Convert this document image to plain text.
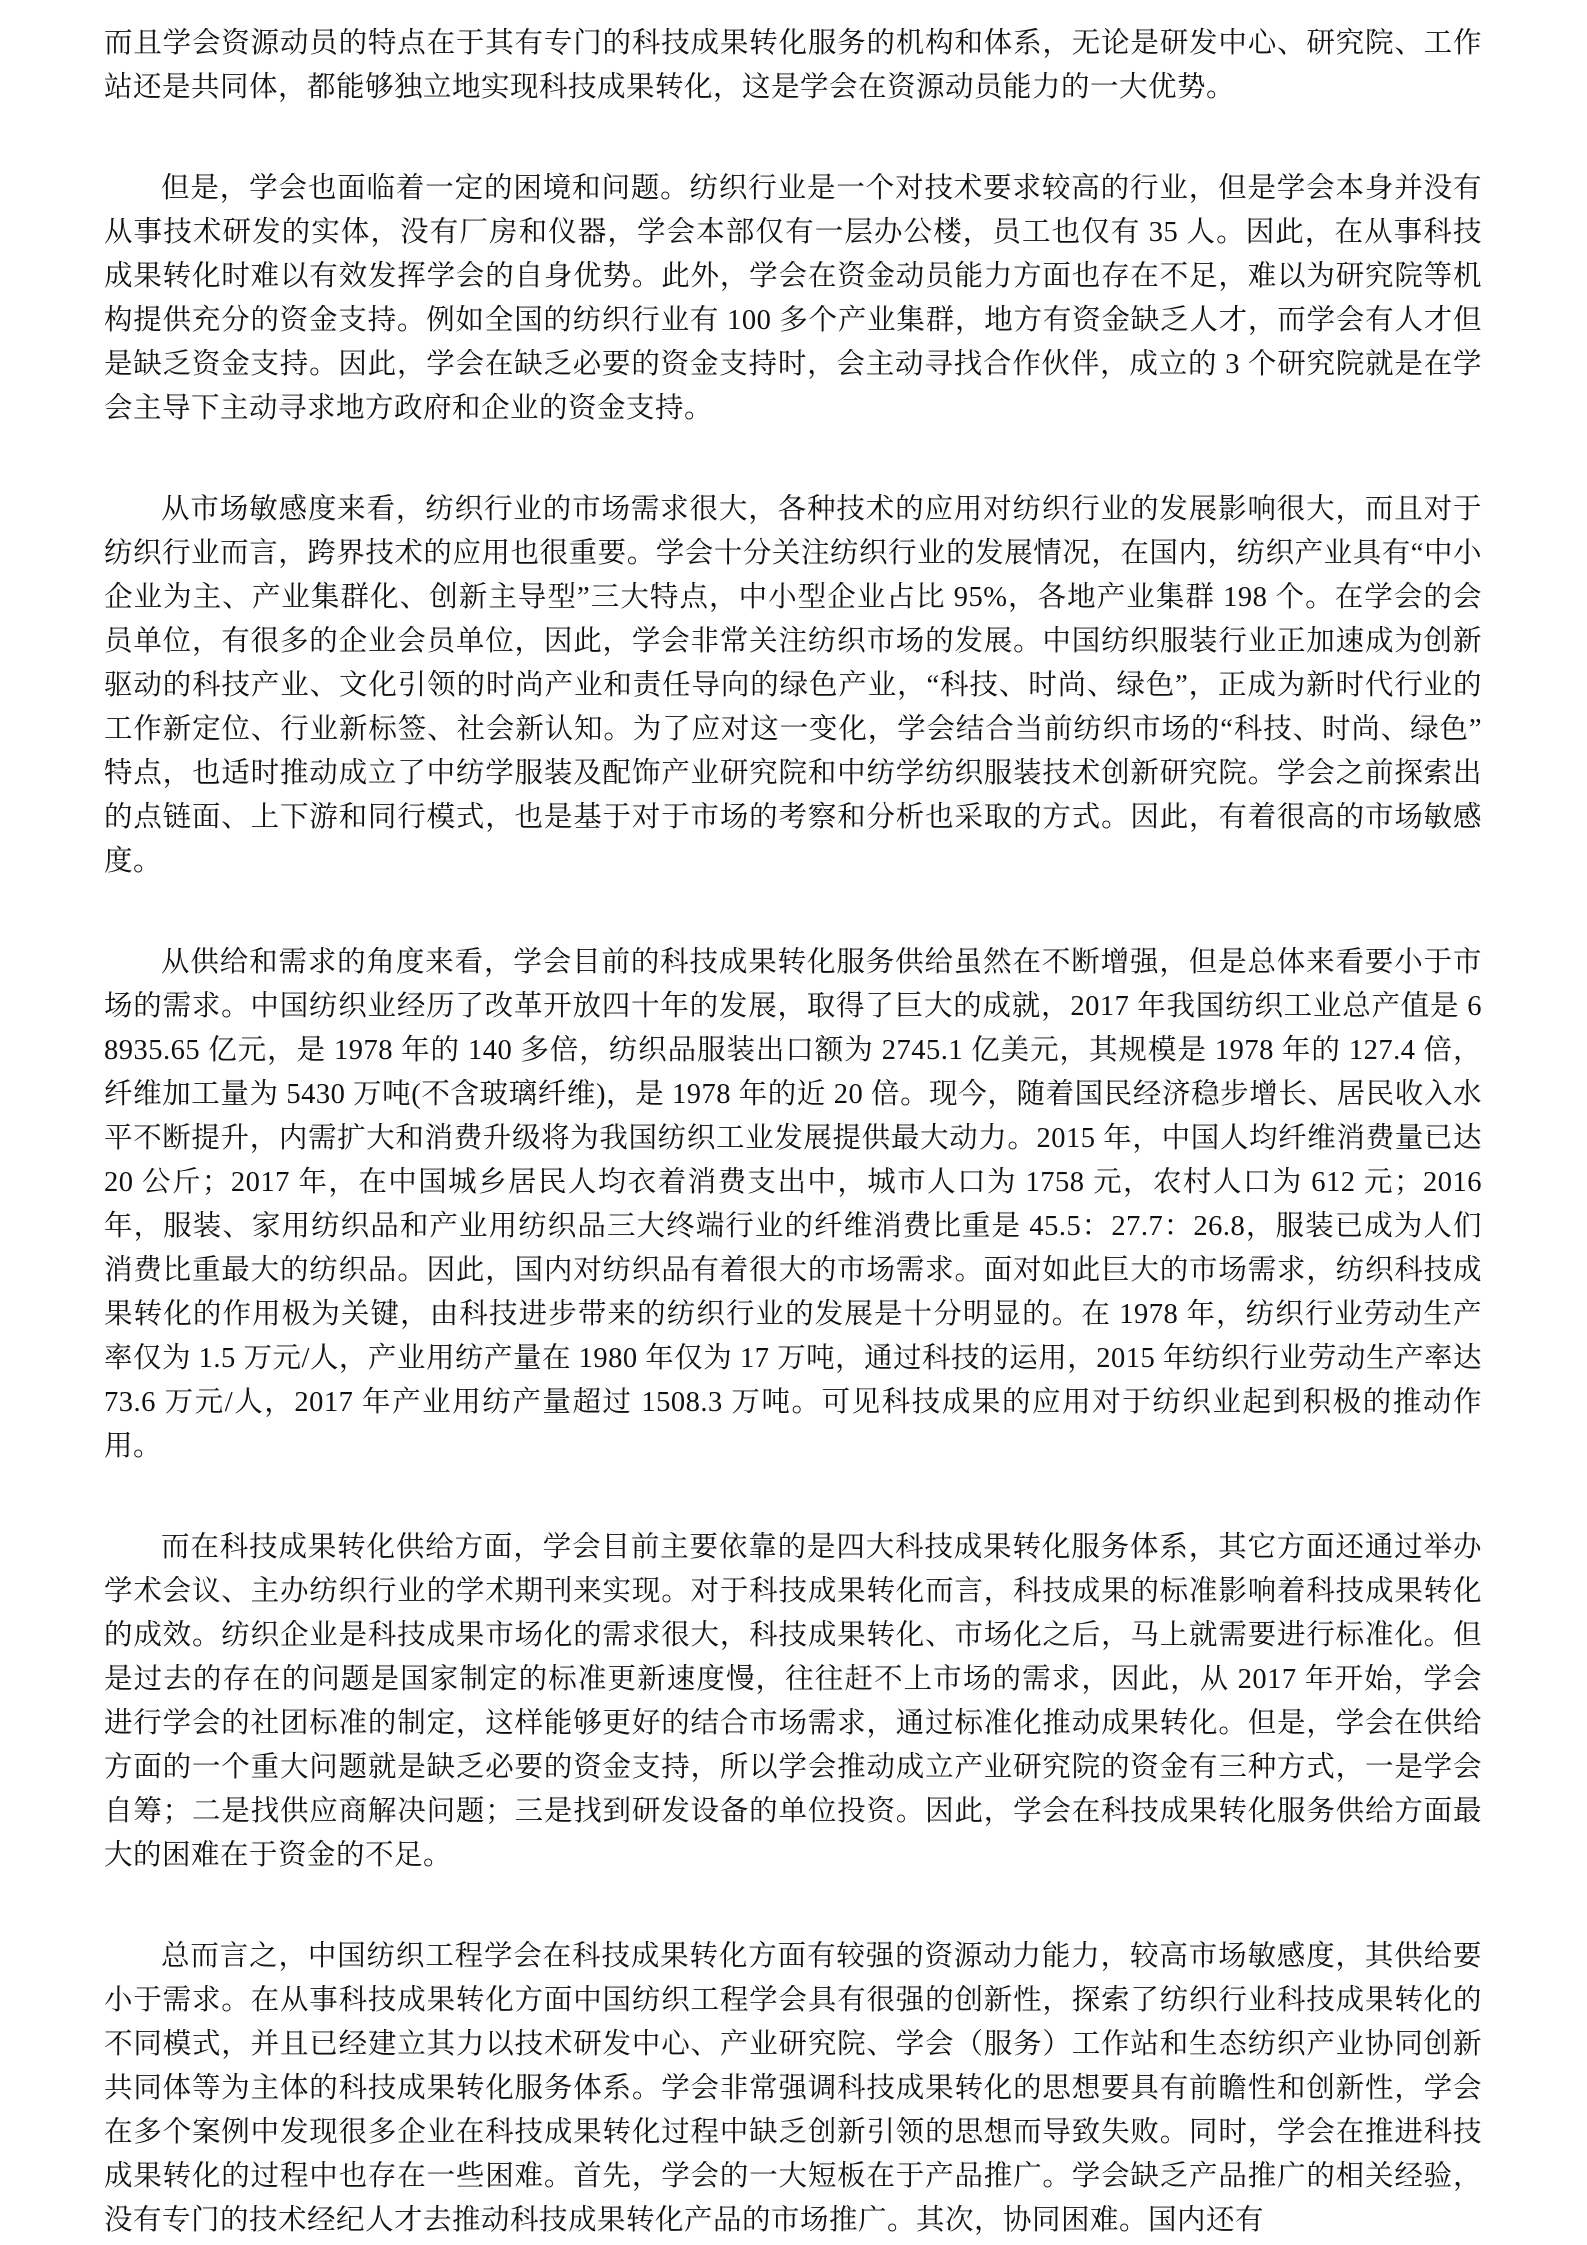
而且学会资源动员的特点在于其有专门的科技成果转化服务的机构和体系，无论是研发中心、研究院、工作站还是共同体，都能够独立地实现科技成果转化，这是学会在资源动员能力的一大优势。

但是，学会也面临着一定的困境和问题。纺织行业是一个对技术要求较高的行业，但是学会本身并没有从事技术研发的实体，没有厂房和仪器，学会本部仅有一层办公楼，员工也仅有 35 人。因此，在从事科技成果转化时难以有效发挥学会的自身优势。此外，学会在资金动员能力方面也存在不足，难以为研究院等机构提供充分的资金支持。例如全国的纺织行业有 100 多个产业集群，地方有资金缺乏人才，而学会有人才但是缺乏资金支持。因此，学会在缺乏必要的资金支持时，会主动寻找合作伙伴，成立的 3 个研究院就是在学会主导下主动寻求地方政府和企业的资金支持。

从市场敏感度来看，纺织行业的市场需求很大，各种技术的应用对纺织行业的发展影响很大，而且对于纺织行业而言，跨界技术的应用也很重要。学会十分关注纺织行业的发展情况，在国内，纺织产业具有“中小企业为主、产业集群化、创新主导型”三大特点，中小型企业占比 95%，各地产业集群 198 个。在学会的会员单位，有很多的企业会员单位，因此，学会非常关注纺织市场的发展。中国纺织服装行业正加速成为创新驱动的科技产业、文化引领的时尚产业和责任导向的绿色产业，“科技、时尚、绿色”，正成为新时代行业的工作新定位、行业新标签、社会新认知。为了应对这一变化，学会结合当前纺织市场的“科技、时尚、绿色”特点，也适时推动成立了中纺学服装及配饰产业研究院和中纺学纺织服装技术创新研究院。学会之前探索出的点链面、上下游和同行模式，也是基于对于市场的考察和分析也采取的方式。因此，有着很高的市场敏感度。

从供给和需求的角度来看，学会目前的科技成果转化服务供给虽然在不断增强，但是总体来看要小于市场的需求。中国纺织业经历了改革开放四十年的发展，取得了巨大的成就，2017 年我国纺织工业总产值是 68935.65 亿元，是 1978 年的 140 多倍，纺织品服装出口额为 2745.1 亿美元，其规模是 1978 年的 127.4 倍，纤维加工量为 5430 万吨(不含玻璃纤维)，是 1978 年的近 20 倍。现今，随着国民经济稳步增长、居民收入水平不断提升，内需扩大和消费升级将为我国纺织工业发展提供最大动力。2015 年，中国人均纤维消费量已达 20 公斤；2017 年，在中国城乡居民人均衣着消费支出中，城市人口为 1758 元，农村人口为 612 元；2016 年，服装、家用纺织品和产业用纺织品三大终端行业的纤维消费比重是 45.5：27.7：26.8，服装已成为人们消费比重最大的纺织品。因此，国内对纺织品有着很大的市场需求。面对如此巨大的市场需求，纺织科技成果转化的作用极为关键，由科技进步带来的纺织行业的发展是十分明显的。在 1978 年，纺织行业劳动生产率仅为 1.5 万元/人，产业用纺产量在 1980 年仅为 17 万吨，通过科技的运用，2015 年纺织行业劳动生产率达 73.6 万元/人，2017 年产业用纺产量超过 1508.3 万吨。可见科技成果的应用对于纺织业起到积极的推动作用。

而在科技成果转化供给方面，学会目前主要依靠的是四大科技成果转化服务体系，其它方面还通过举办学术会议、主办纺织行业的学术期刊来实现。对于科技成果转化而言，科技成果的标准影响着科技成果转化的成效。纺织企业是科技成果市场化的需求很大，科技成果转化、市场化之后，马上就需要进行标准化。但是过去的存在的问题是国家制定的标准更新速度慢，往往赶不上市场的需求，因此，从 2017 年开始，学会进行学会的社团标准的制定，这样能够更好的结合市场需求，通过标准化推动成果转化。但是，学会在供给方面的一个重大问题就是缺乏必要的资金支持，所以学会推动成立产业研究院的资金有三种方式，一是学会自筹；二是找供应商解决问题；三是找到研发设备的单位投资。因此，学会在科技成果转化服务供给方面最大的困难在于资金的不足。

总而言之，中国纺织工程学会在科技成果转化方面有较强的资源动力能力，较高市场敏感度，其供给要小于需求。在从事科技成果转化方面中国纺织工程学会具有很强的创新性，探索了纺织行业科技成果转化的不同模式，并且已经建立其力以技术研发中心、产业研究院、学会（服务）工作站和生态纺织产业协同创新共同体等为主体的科技成果转化服务体系。学会非常强调科技成果转化的思想要具有前瞻性和创新性，学会在多个案例中发现很多企业在科技成果转化过程中缺乏创新引领的思想而导致失败。同时，学会在推进科技成果转化的过程中也存在一些困难。首先，学会的一大短板在于产品推广。学会缺乏产品推广的相关经验，没有专门的技术经纪人才去推动科技成果转化产品的市场推广。其次，协同困难。国内还有
